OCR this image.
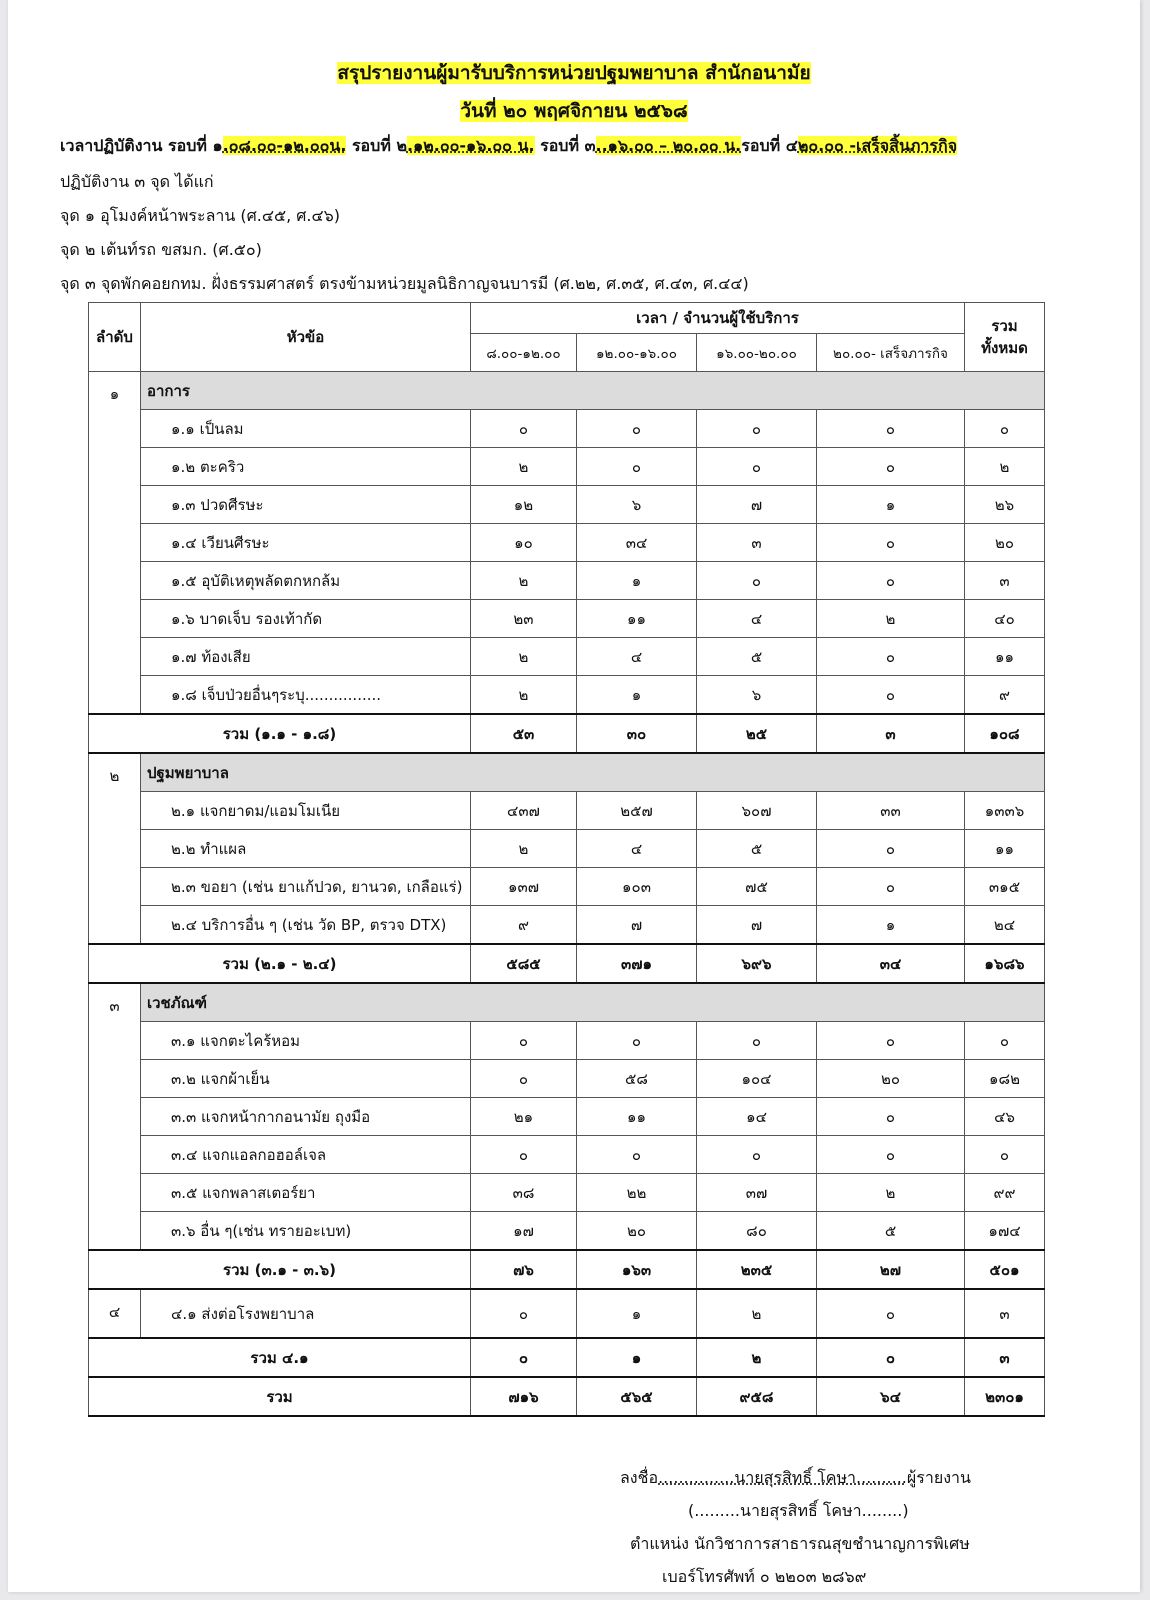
สรุปรายงานผู้มารับบริการหน่วยปฐมพยาบาล สำนักอนามัย
วันที่ ๒๐ พฤศจิกายน ๒๕๖๘
เวลาปฏิบัติงาน รอบที่ ๑.๐๘.๐๐-๑๒.๐๐น. รอบที่ ๒.๑๒.๐๐-๑๖.๐๐ น. รอบที่ ๓..๑๖.๐๐ – ๒๐.๐๐ น.รอบที่ ๔๒๐.๐๐ -เสร็จสิ้นภารกิจ
ปฏิบัติงาน ๓ จุด ได้แก่
จุด ๑ อุโมงค์หน้าพระลาน (ศ.๔๕, ศ.๔๖)
จุด ๒ เต้นท์รถ ขสมก. (ศ.๕๐)
จุด ๓ จุดพักคอยกทม. ฝั่งธรรมศาสตร์ ตรงข้ามหน่วยมูลนิธิกาญจนบารมี (ศ.๒๒, ศ.๓๕, ศ.๔๓, ศ.๔๔)
ลำดับ	หัวข้อ	เวลา / จำนวนผู้ใช้บริการ				รวม
ทั้งหมด
		๘.๐๐-๑๒.๐๐	๑๒.๐๐-๑๖.๐๐	๑๖.๐๐-๒๐.๐๐	๒๐.๐๐- เสร็จภารกิจ	
๑	อาการ					
	๑.๑ เป็นลม	๐	๐	๐	๐	๐
	๑.๒ ตะคริว	๒	๐	๐	๐	๒
	๑.๓ ปวดศีรษะ	๑๒	๖	๗	๑	๒๖
	๑.๔ เวียนศีรษะ	๑๐	๓๔	๓	๐	๒๐
	๑.๕ อุบัติเหตุพลัดตกหกล้ม	๒	๑	๐	๐	๓
	๑.๖ บาดเจ็บ รองเท้ากัด	๒๓	๑๑	๔	๒	๔๐
	๑.๗ ท้องเสีย	๒	๔	๕	๐	๑๑
	๑.๘ เจ็บป่วยอื่นๆระบุ................	๒	๑	๖	๐	๙
รวม (๑.๑ - ๑.๘)		๕๓	๓๐	๒๕	๓	๑๐๘
๒	ปฐมพยาบาล					
	๒.๑ แจกยาดม/แอมโมเนีย	๔๓๗	๒๕๗	๖๐๗	๓๓	๑๓๓๖
	๒.๒ ทำแผล	๒	๔	๕	๐	๑๑
	๒.๓ ขอยา (เช่น ยาแก้ปวด, ยานวด, เกลือแร่)	๑๓๗	๑๐๓	๗๕	๐	๓๑๕
	๒.๔ บริการอื่น ๆ (เช่น วัด BP, ตรวจ DTX)	๙	๗	๗	๑	๒๔
รวม (๒.๑ - ๒.๔)		๕๘๕	๓๗๑	๖๙๖	๓๔	๑๖๘๖
๓	เวชภัณฑ์					
	๓.๑ แจกตะไคร้หอม	๐	๐	๐	๐	๐
	๓.๒ แจกผ้าเย็น	๐	๕๘	๑๐๔	๒๐	๑๘๒
	๓.๓ แจกหน้ากากอนามัย ถุงมือ	๒๑	๑๑	๑๔	๐	๔๖
	๓.๔ แจกแอลกอฮอล์เจล	๐	๐	๐	๐	๐
	๓.๕ แจกพลาสเตอร์ยา	๓๘	๒๒	๓๗	๒	๙๙
	๓.๖ อื่น ๆ(เช่น ทรายอะเบท)	๑๗	๒๐	๘๐	๕	๑๗๔
รวม (๓.๑ - ๓.๖)		๗๖	๑๖๓	๒๓๕	๒๗	๕๐๑
๔	๔.๑ ส่งต่อโรงพยาบาล	๐	๑	๒	๐	๓
รวม ๔.๑		๐	๑	๒	๐	๓
รวม		๗๑๖	๕๖๕	๙๕๘	๖๔	๒๓๐๑
ลงชื่อ...............นายสุรสิทธิ์ โคษา..........ผู้รายงาน
(.........นายสุรสิทธิ์ โคษา........)
ตำแหน่ง นักวิชาการสาธารณสุขชำนาญการพิเศษ
เบอร์โทรศัพท์ ๐ ๒๒๐๓ ๒๘๖๙
